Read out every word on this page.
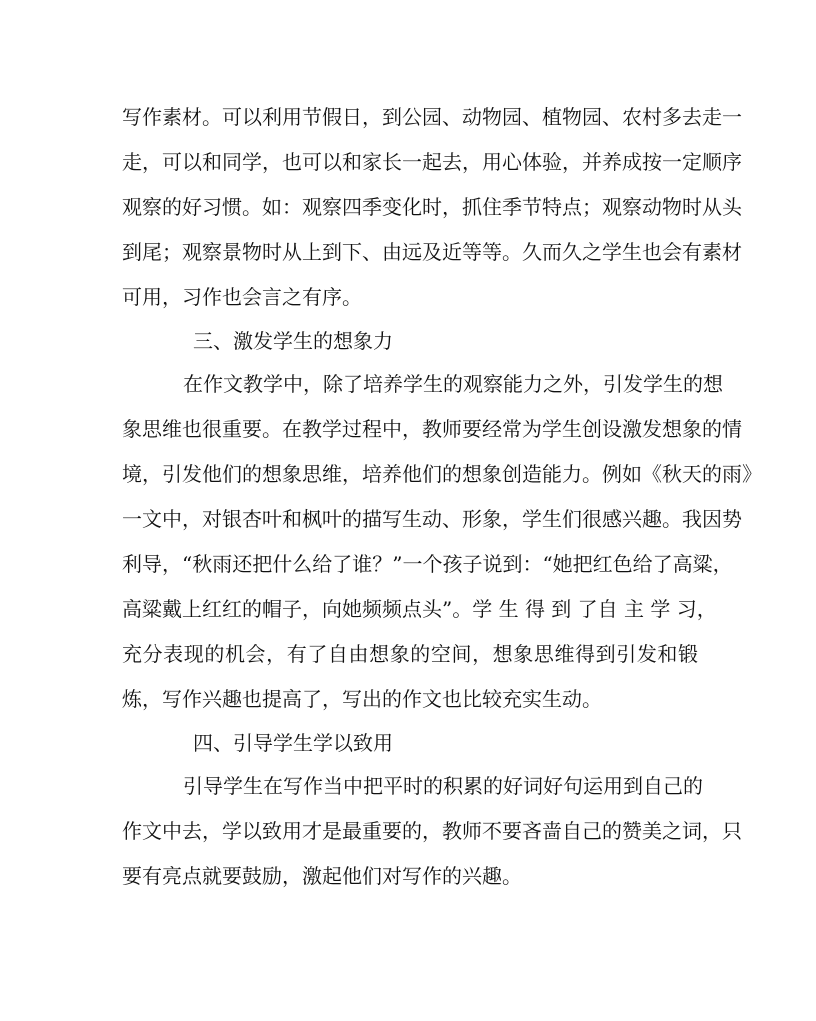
写作素材。可以利用节假日，到公园、动物园、植物园、农村多去走一
走，可以和同学，也可以和家长一起去，用心体验，并养成按一定顺序
观察的好习惯。如：观察四季变化时，抓住季节特点；观察动物时从头
到尾；观察景物时从上到下、由远及近等等。久而久之学生也会有素材
可用，习作也会言之有序。
三、激发学生的想象力
在作文教学中，除了培养学生的观察能力之外，引发学生的想
象思维也很重要。在教学过程中，教师要经常为学生创设激发想象的情
境，引发他们的想象思维，培养他们的想象创造能力。例如《秋天的雨》
一文中，对银杏叶和枫叶的描写生动、形象，学生们很感兴趣。我因势
利导，“秋雨还把什么给了谁？”一个孩子说到：“她把红色给了高粱，
高粱戴上红红的帽子，向她频频点头”。学 生 得 到 了自 主 学 习，
充分表现的机会，有了自由想象的空间，想象思维得到引发和锻
炼，写作兴趣也提高了，写出的作文也比较充实生动。
四、引导学生学以致用
引导学生在写作当中把平时的积累的好词好句运用到自己的
作文中去，学以致用才是最重要的，教师不要吝啬自己的赞美之词，只
要有亮点就要鼓励，激起他们对写作的兴趣。
